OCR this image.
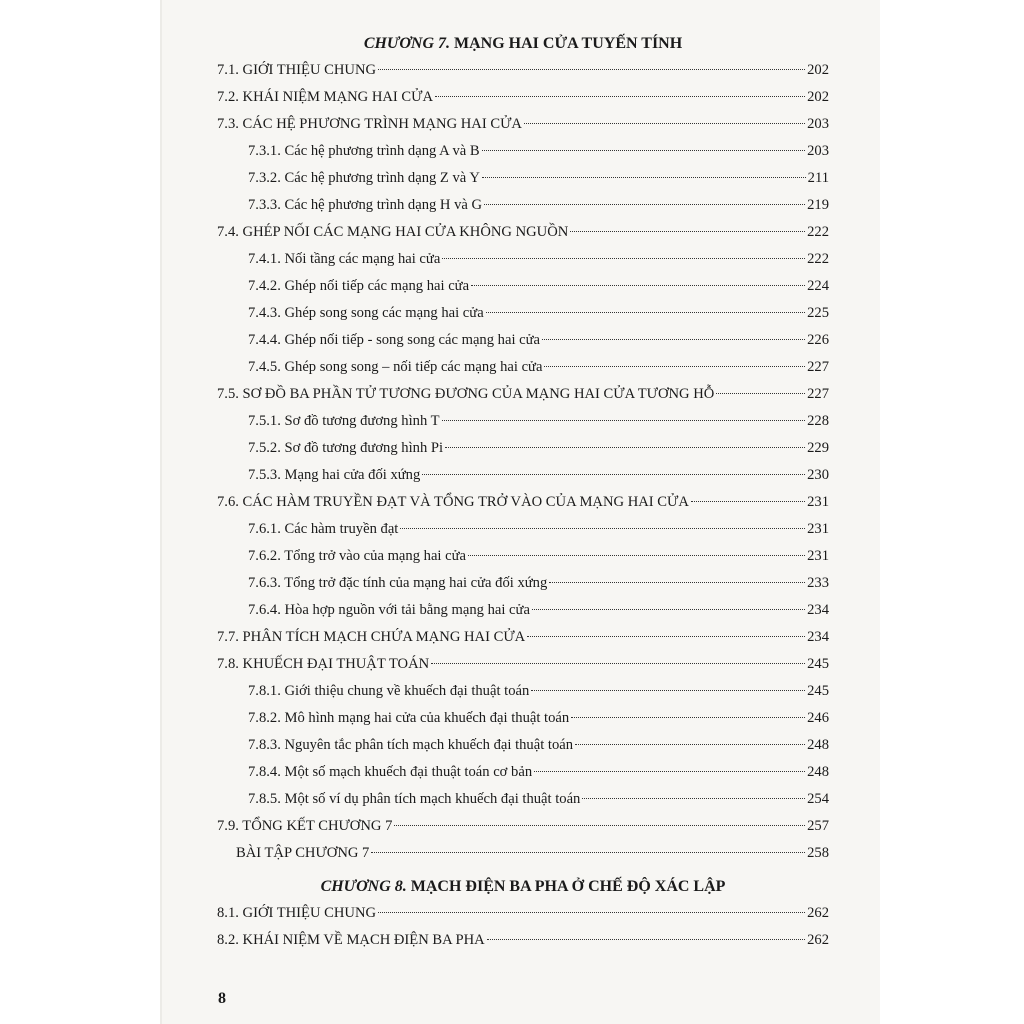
CHƯƠNG 7. MẠNG HAI CỬA TUYẾN TÍNH
7.1. GIỚI THIỆU CHUNG	202
7.2. KHÁI NIỆM MẠNG HAI CỬA	202
7.3. CÁC HỆ PHƯƠNG TRÌNH MẠNG HAI CỬA	203
7.3.1. Các hệ phương trình dạng A và B	203
7.3.2. Các hệ phương trình dạng Z và Y	211
7.3.3. Các hệ phương trình dạng H và G	219
7.4. GHÉP NỐI CÁC MẠNG HAI CỬA KHÔNG NGUỒN	222
7.4.1. Nối tầng các mạng hai cửa	222
7.4.2. Ghép nối tiếp các mạng hai cửa	224
7.4.3. Ghép song song các mạng hai cửa	225
7.4.4. Ghép nối tiếp - song song các mạng hai cửa	226
7.4.5. Ghép song song – nối tiếp các mạng hai cửa	227
7.5. SƠ ĐỒ BA PHẦN TỬ TƯƠNG ĐƯƠNG CỦA MẠNG HAI CỬA TƯƠNG HỖ	227
7.5.1. Sơ đồ tương đương hình T	228
7.5.2. Sơ đồ tương đương hình Pi	229
7.5.3. Mạng hai cửa đối xứng	230
7.6. CÁC HÀM TRUYỀN ĐẠT VÀ TỔNG TRỞ VÀO CỦA MẠNG HAI CỬA	231
7.6.1. Các hàm truyền đạt	231
7.6.2. Tổng trở vào của mạng hai cửa	231
7.6.3. Tổng trở đặc tính của mạng hai cửa đối xứng	233
7.6.4. Hòa hợp nguồn với tải bằng mạng hai cửa	234
7.7. PHÂN TÍCH MẠCH CHỨA MẠNG HAI CỬA	234
7.8. KHUẾCH ĐẠI THUẬT TOÁN	245
7.8.1. Giới thiệu chung về khuếch đại thuật toán	245
7.8.2. Mô hình mạng hai cửa của khuếch đại thuật toán	246
7.8.3. Nguyên tắc phân tích mạch khuếch đại thuật toán	248
7.8.4. Một số mạch khuếch đại thuật toán cơ bản	248
7.8.5. Một số ví dụ phân tích mạch khuếch đại thuật toán	254
7.9. TỔNG KẾT CHƯƠNG 7	257
BÀI TẬP CHƯƠNG 7	258
CHƯƠNG 8. MẠCH ĐIỆN BA PHA Ở CHẾ ĐỘ XÁC LẬP
8.1. GIỚI THIỆU CHUNG	262
8.2. KHÁI NIỆM VỀ MẠCH ĐIỆN BA PHA	262
8
